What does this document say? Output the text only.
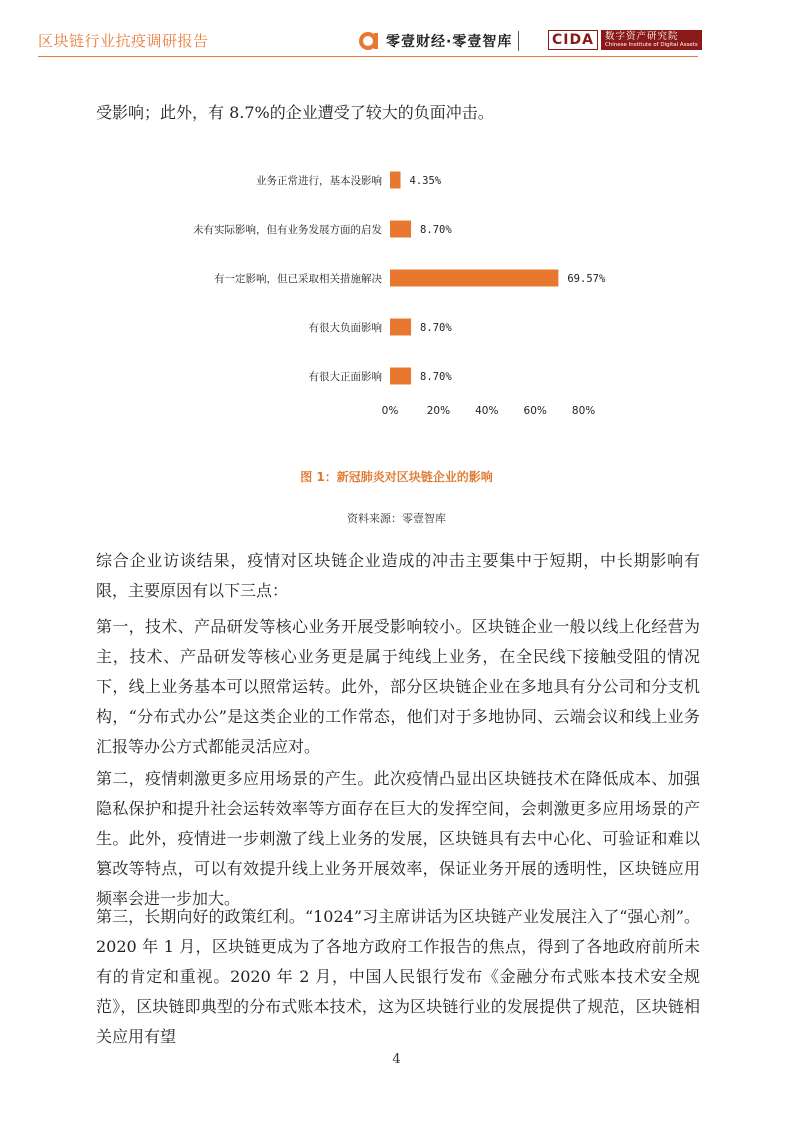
区块链行业抗疫调研报告	零壹财经·零壹智库	CIDA	数字资产研究院
Chinese Institute of Digital Assets
受影响；此外，有 8.7%的企业遭受了较大的负面冲击。
业务正常进行，基本没影响	4.35%
未有实际影响，但有业务发展方面的启发	8.70%
有一定影响，但已采取相关措施解决	69.57%
有很大负面影响	8.70%
有很大正面影响	8.70%
0%	20% 40% 60% 80%
图 1：新冠肺炎对区块链企业的影响
资料来源：零壹智库
综合企业访谈结果，疫情对区块链企业造成的冲击主要集中于短期，中长期影响有限，主要原因有以下三点：
第一，技术、产品研发等核心业务开展受影响较小。区块链企业一般以线上化经营为主，技术、产品研发等核心业务更是属于纯线上业务，在全民线下接触受阻的情况下，线上业务基本可以照常运转。此外，部分区块链企业在多地具有分公司和分支机构，“分布式办公”是这类企业的工作常态，他们对于多地协同、云端会议和线上业务汇报等办公方式都能灵活应对。
第二，疫情刺激更多应用场景的产生。此次疫情凸显出区块链技术在降低成本、加强隐私保护和提升社会运转效率等方面存在巨大的发挥空间，会刺激更多应用场景的产生。此外，疫情进一步刺激了线上业务的发展，区块链具有去中心化、可验证和难以篡改等特点，可以有效提升线上业务开展效率，保证业务开展的透明性，区块链应用频率会进一步加大。
第三，长期向好的政策红利。“1024”习主席讲话为区块链产业发展注入了“强心剂”。2020 年 1 月，区块链更成为了各地方政府工作报告的焦点，得到了各地政府前所未有的肯定和重视。2020 年 2 月，中国人民银行发布《金融分布式账本技术安全规范》，区块链即典型的分布式账本技术，这为区块链行业的发展提供了规范，区块链相关应用有望
4
